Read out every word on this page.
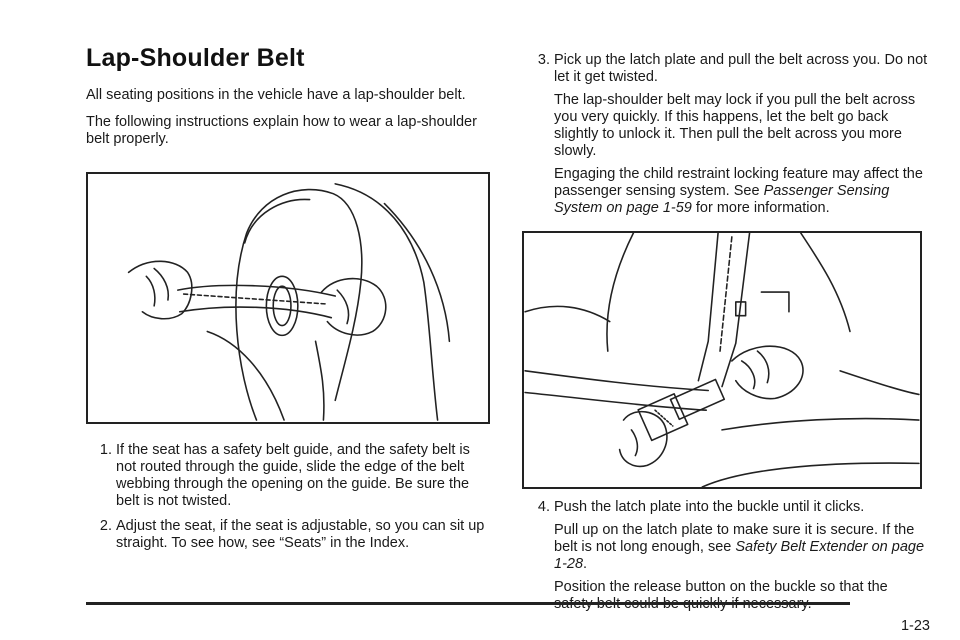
Lap-Shoulder Belt

All seating positions in the vehicle have a lap-shoulder belt.

The following instructions explain how to wear a lap-shoulder belt properly.

1. If the seat has a safety belt guide, and the safety belt is not routed through the guide, slide the edge of the belt webbing through the opening on the guide. Be sure the belt is not twisted.
2. Adjust the seat, if the seat is adjustable, so you can sit up straight. To see how, see “Seats” in the Index.
3. Pick up the latch plate and pull the belt across you. Do not let it get twisted.

The lap-shoulder belt may lock if you pull the belt across you very quickly. If this happens, let the belt go back slightly to unlock it. Then pull the belt across you more slowly.

Engaging the child restraint locking feature may affect the passenger sensing system. See Passenger Sensing System on page 1-59 for more information.

4. Push the latch plate into the buckle until it clicks.

Pull up on the latch plate to make sure it is secure. If the belt is not long enough, see Safety Belt Extender on page 1-28.

Position the release button on the buckle so that the

1-23
